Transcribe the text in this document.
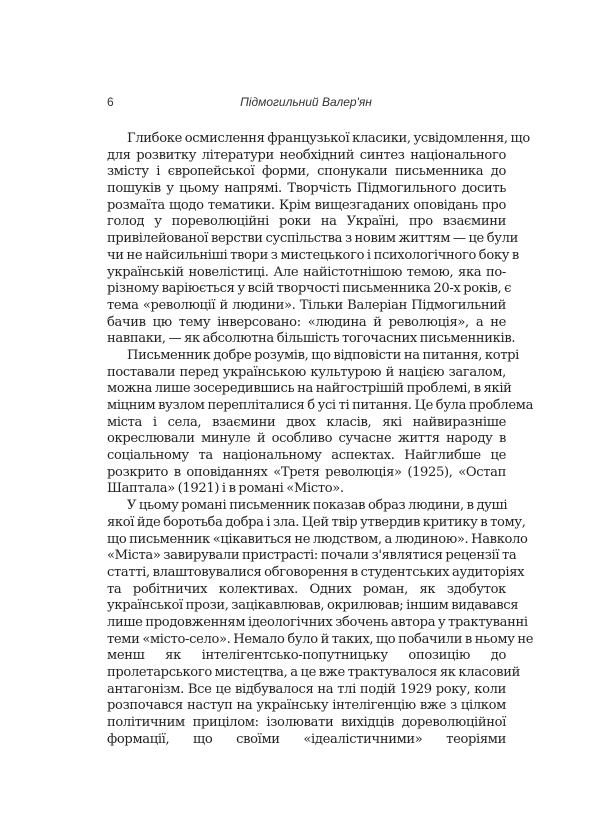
6	Підмогильний Валер'ян
Глибоке осмислення французької класики, усвідомлення, що
для розвитку літератури необхідний синтез національного
змісту і європейської форми, спонукали письменника до
пошуків у цьому напрямі. Творчість Підмогильного досить
розмаїта щодо тематики. Крім вищезгаданих оповідань про
голод у пореволюційні роки на Україні, про взаємини
привілейованої верстви суспільства з новим життям — це були
чи не найсильніші твори з мистецького і психологічного боку в
українській новелістиці. Але найістотнішою темою, яка по-
різному варіюється у всій творчості письменника 20-х років, є
тема «революції й людини». Тільки Валеріан Підмогильний
бачив цю тему інверсовано: «людина й революція», а не
навпаки, — як абсолютна більшість тогочасних письменників.
Письменник добре розумів, що відповісти на питання, котрі
поставали перед українською культурою й нацією загалом,
можна лише зосередившись на найгострішій проблемі, в якій
міцним вузлом перепліталися б усі ті питання. Це була проблема
міста і села, взаємини двох класів, які найвиразніше
окреслювали минуле й особливо сучасне життя народу в
соціальному та національному аспектах. Найглибше це
розкрито в оповіданнях «Третя революція» (1925), «Остап
Шаптала» (1921) і в романі «Місто».
У цьому романі письменник показав образ людини, в душі
якої йде боротьба добра і зла. Цей твір утвердив критику в тому,
що письменник «цікавиться не людством, а людиною». Навколо
«Міста» завирували пристрасті: почали з'являтися рецензії та
статті, влаштовувалися обговорення в студентських аудиторіях
та робітничих колективах. Одних роман, як здобуток
української прози, зацікавлював, окрилював; іншим видавався
лише продовженням ідеологічних збочень автора у трактуванні
теми «місто-село». Немало було й таких, що побачили в ньому не
менш як інтелігентсько-попутницьку опозицію до
пролетарського мистецтва, а це вже трактувалося як класовий
антагонізм. Все це відбувалося на тлі подій 1929 року, коли
розпочався наступ на українську інтелігенцію вже з цілком
політичним прицілом: ізолювати вихідців дореволюційної
формації, що своїми «ідеалістичними» теоріями
